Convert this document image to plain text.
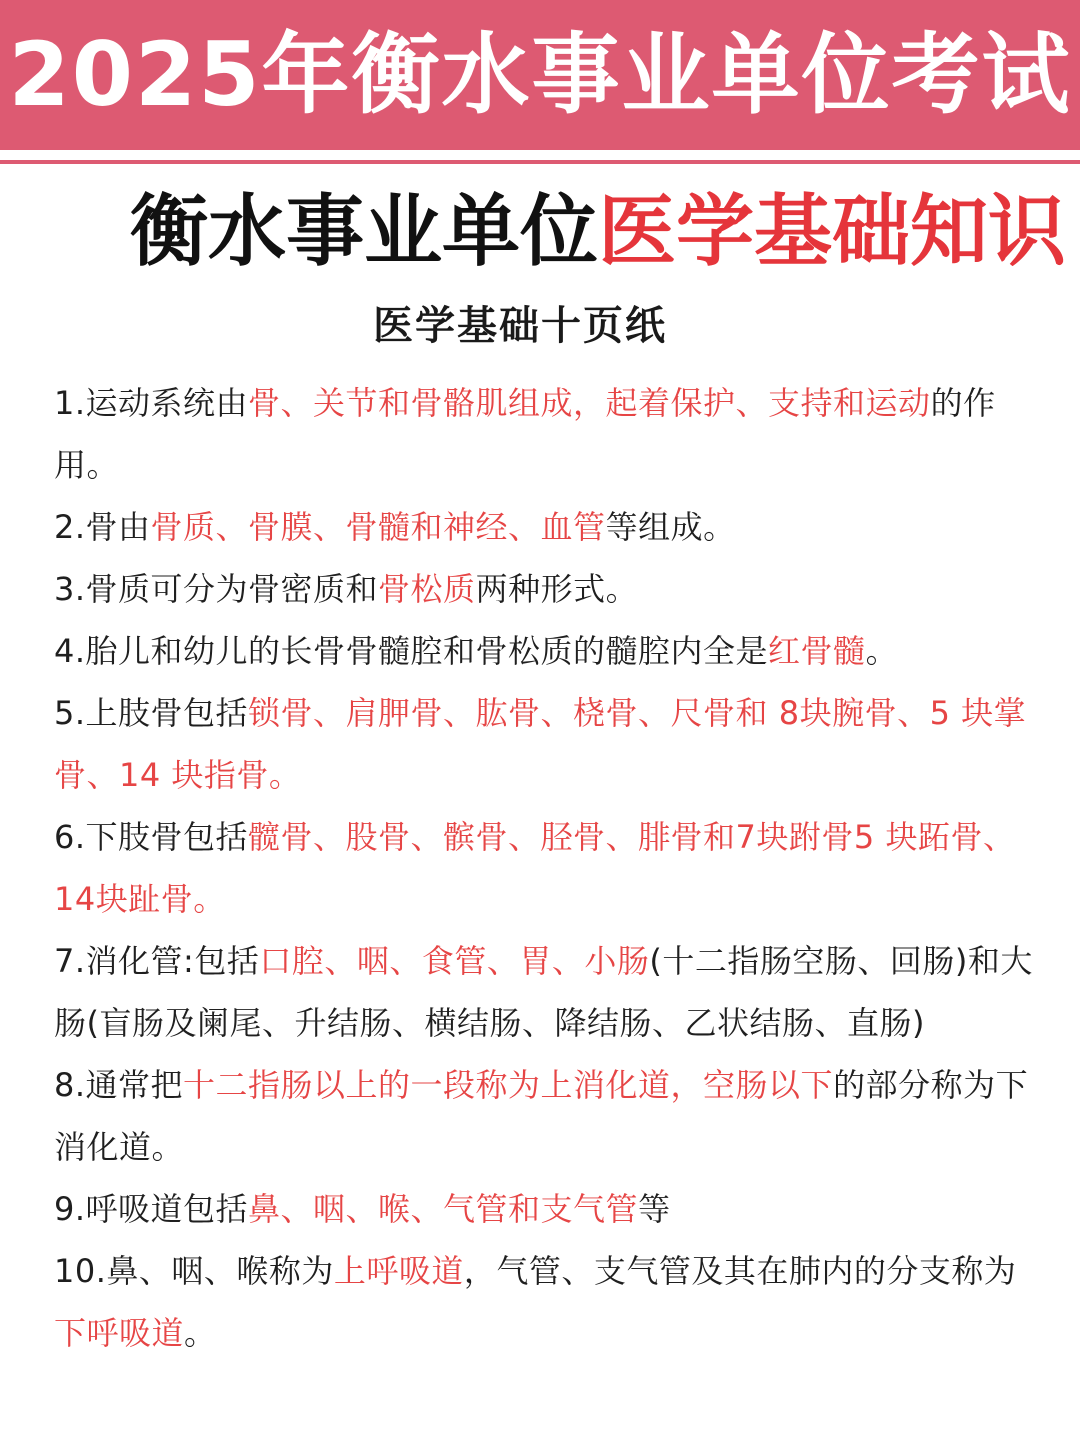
2025年衡水事业单位考试
衡水事业单位医学基础知识
医学基础十页纸
1.运动系统由骨、关节和骨骼肌组成，起着保护、支持和运动的作用。
2.骨由骨质、骨膜、骨髓和神经、血管等组成。
3.骨质可分为骨密质和骨松质两种形式。
4.胎儿和幼儿的长骨骨髓腔和骨松质的髓腔内全是红骨髓。
5.上肢骨包括锁骨、肩胛骨、肱骨、桡骨、尺骨和 8块腕骨、5 块掌骨、14 块指骨。
6.下肢骨包括髋骨、股骨、髌骨、胫骨、腓骨和7块跗骨5 块跖骨、14块趾骨。
7.消化管:包括口腔、咽、食管、胃、小肠(十二指肠空肠、回肠)和大肠(盲肠及阑尾、升结肠、横结肠、降结肠、乙状结肠、直肠)
8.通常把十二指肠以上的一段称为上消化道，空肠以下的部分称为下消化道。
9.呼吸道包括鼻、咽、喉、气管和支气管等
10.鼻、咽、喉称为上呼吸道，气管、支气管及其在肺内的分支称为下呼吸道。
